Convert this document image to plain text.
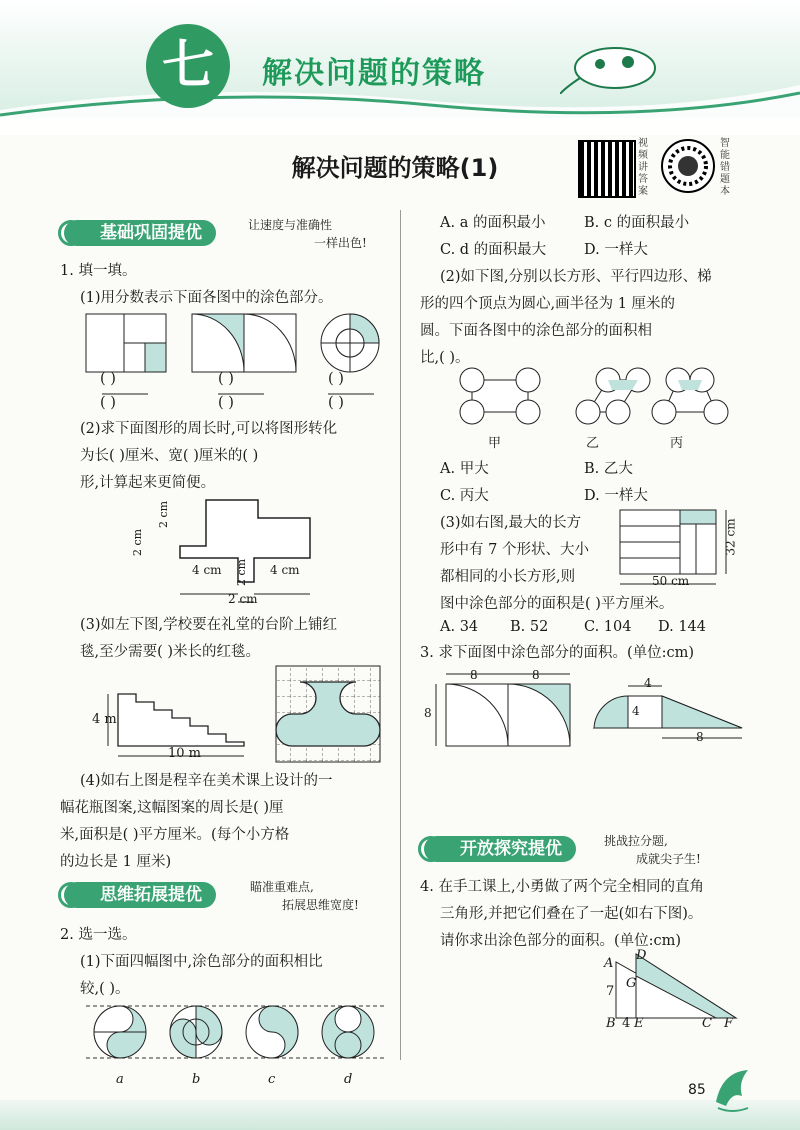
七	解决问题的策略
解决问题的策略(1)
视频讲答案
智能错题本
基础巩固提优	让速度与准确性
一样出色!
1. 填一填。
(1)用分数表示下面各图中的涂色部分。
( )
( )
( )
( )
( )
( )
(2)求下面图形的周长时,可以将图形转化
为长( )厘米、宽( )厘米的( )
形,计算起来更简便。
2 cm
2 cm
4 cm 2 cm 4 cm
2 cm
(3)如左下图,学校要在礼堂的台阶上铺红
毯,至少需要( )米长的红毯。
4 m
10 m
(4)如右上图是程辛在美术课上设计的一
幅花瓶图案,这幅图案的周长是( )厘
米,面积是( )平方厘米。(每个小方格
的边长是 1 厘米)
思维拓展提优	瞄准重难点,
拓展思维宽度!
2. 选一选。
(1)下面四幅图中,涂色部分的面积相比
较,( )。
a	b	c	d
A. a 的面积最小	B. c 的面积最小
C. d 的面积最大	D. 一样大
(2)如下图,分别以长方形、平行四边形、梯
形的四个顶点为圆心,画半径为 1 厘米的
圆。下面各图中的涂色部分的面积相
比,( )。
甲	乙	丙
A. 甲大	B. 乙大
C. 丙大	D. 一样大
(3)如右图,最大的长方
形中有 7 个形状、大小
都相同的小长方形,则
图中涂色部分的面积是( )平方厘米。
50 cm
32 cm
A. 34 B. 52 C. 104 D. 144
3. 求下面图中涂色部分的面积。(单位:cm)
8	8
8
4
4
8
开放探究提优	挑战拉分题,
成就尖子生!
4. 在手工课上,小勇做了两个完全相同的直角
三角形,并把它们叠在了一起(如右下图)。
请你求出涂色部分的面积。(单位:cm)
A
D
G
7
B 4 E	C F
85
